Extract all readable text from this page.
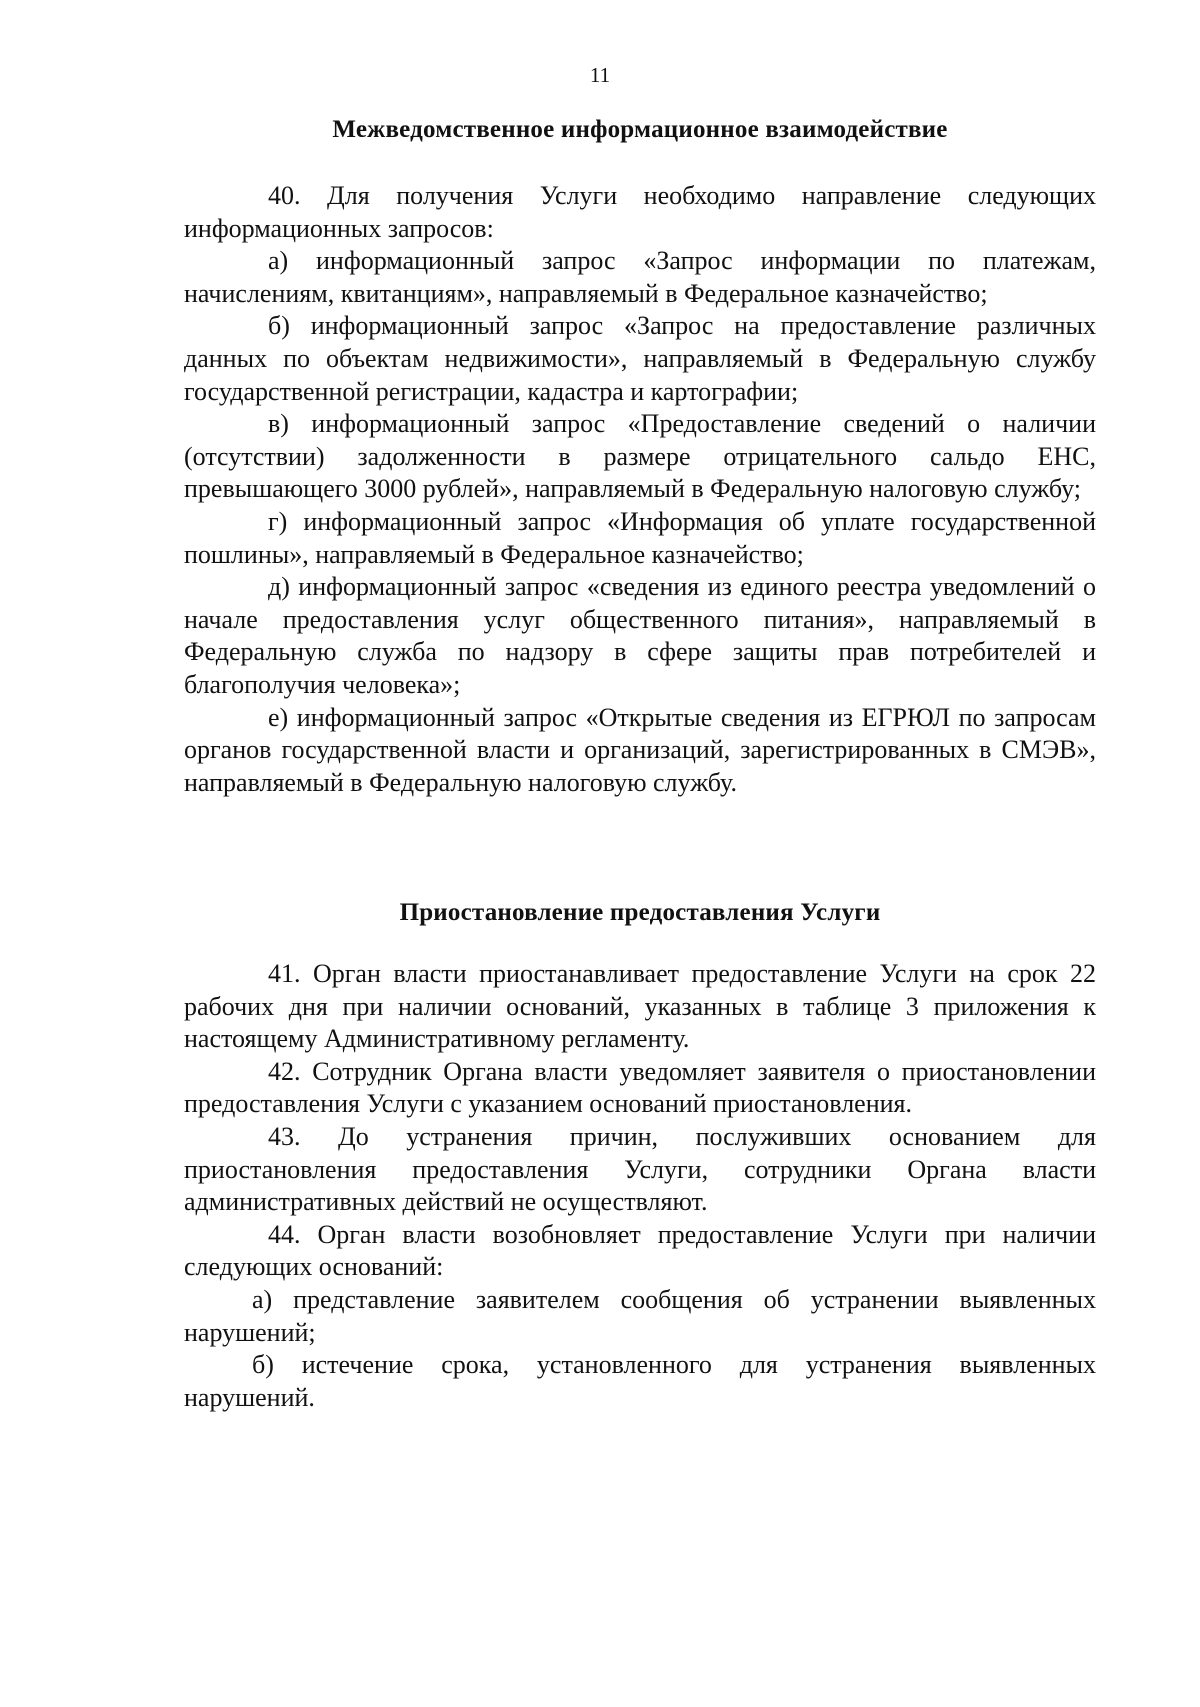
11
Межведомственное информационное взаимодействие

40. Для получения Услуги необходимо направление следующих информационных запросов:

а) информационный запрос «Запрос информации по платежам, начислениям, квитанциям», направляемый в Федеральное казначейство;

б) информационный запрос «Запрос на предоставление различных данных по объектам недвижимости», направляемый в Федеральную службу государственной регистрации, кадастра и картографии;

в) информационный запрос «Предоставление сведений о наличии (отсутствии) задолженности в размере отрицательного сальдо ЕНС, превышающего 3000 рублей», направляемый в Федеральную налоговую службу;

г) информационный запрос «Информация об уплате государственной пошлины», направляемый в Федеральное казначейство;

д) информационный запрос «сведения из единого реестра уведомлений о начале предоставления услуг общественного питания», направляемый в Федеральную служба по надзору в сфере защиты прав потребителей и благополучия человека»;

е) информационный запрос «Открытые сведения из ЕГРЮЛ по запросам органов государственной власти и организаций, зарегистрированных в СМЭВ», направляемый в Федеральную налоговую службу.

Приостановление предоставления Услуги

41. Орган власти приостанавливает предоставление Услуги на срок 22 рабочих дня при наличии оснований, указанных в таблице 3 приложения к настоящему Административному регламенту.

42. Сотрудник Органа власти уведомляет заявителя о приостановлении предоставления Услуги с указанием оснований приостановления.

43. До устранения причин, послуживших основанием для приостановления предоставления Услуги, сотрудники Органа власти административных действий не осуществляют.

44. Орган власти возобновляет предоставление Услуги при наличии следующих оснований:

а) представление заявителем сообщения об устранении выявленных нарушений;

б) истечение срока, установленного для устранения выявленных нарушений.
